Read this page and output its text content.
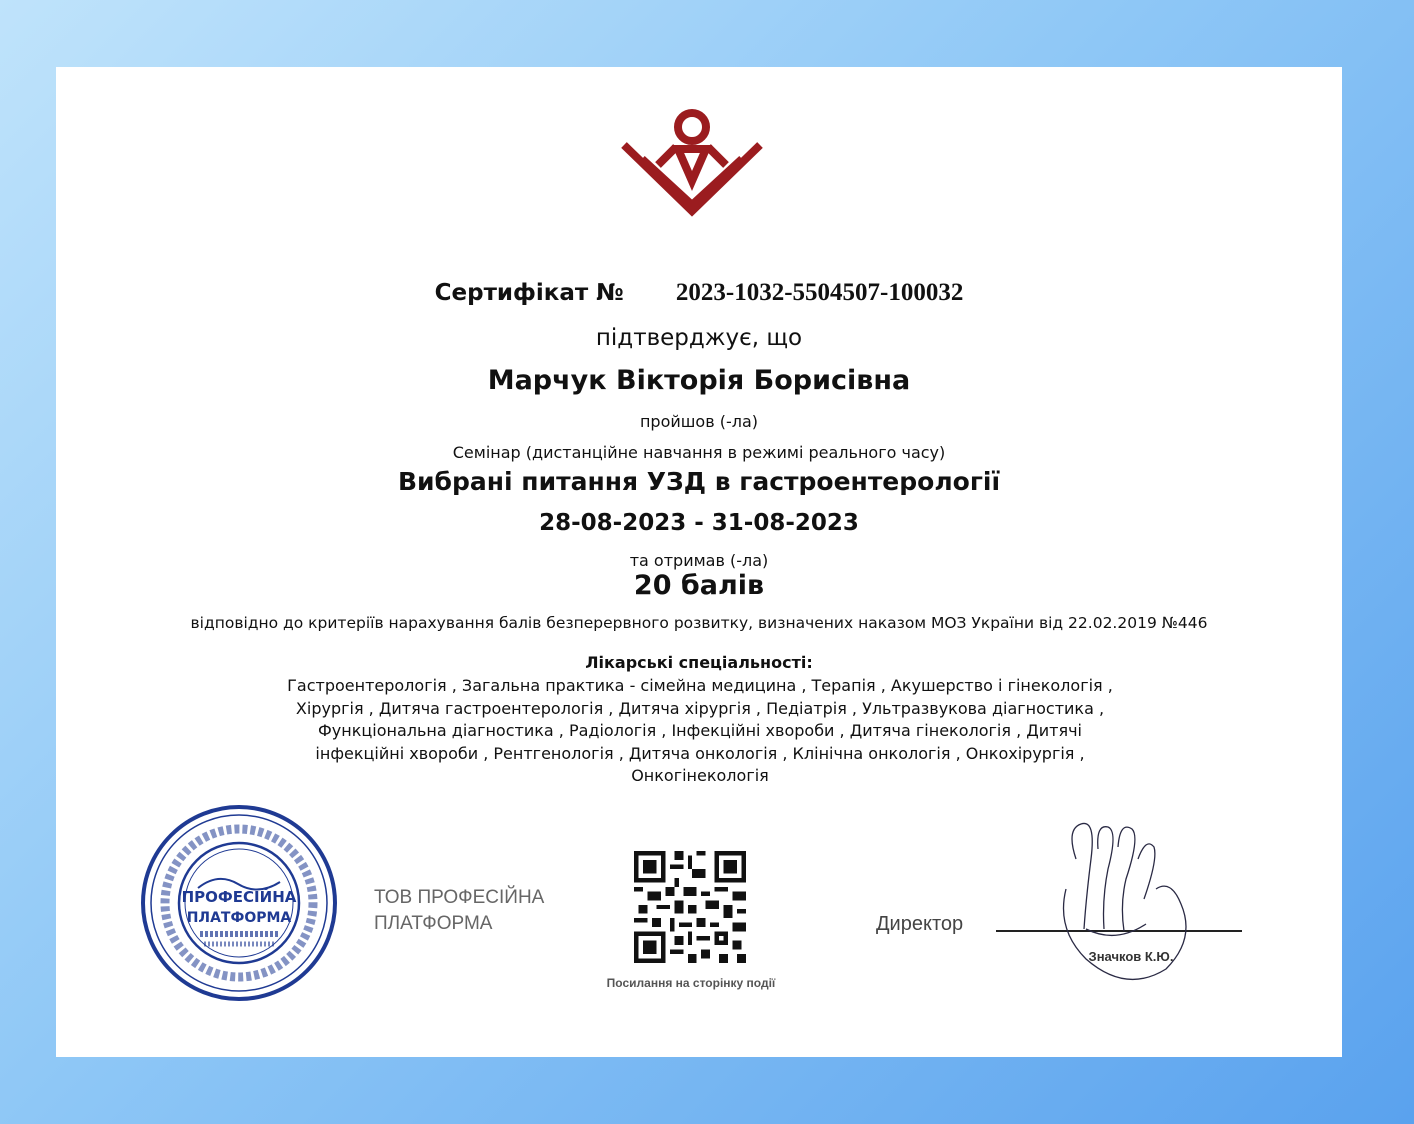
Сертифікат № 2023-1032-5504507-100032
підтверджує, що
Марчук Вікторія Борисівна
пройшов (-ла)
Семінар (дистанційне навчання в режимі реального часу)
Вибрані питання УЗД в гастроентерології
28-08-2023 - 31-08-2023
та отримав (-ла)
20 балів
відповідно до критеріїв нарахування балів безперервного розвитку, визначених наказом МОЗ України від 22.02.2019 №446
Лікарські спеціальності:
Гастроентерологія , Загальна практика - сімейна медицина , Терапія , Акушерство і гінекологія , Хірургія , Дитяча гастроентерологія , Дитяча хірургія , Педіатрія , Ультразвукова діагностика , Функціональна діагностика , Радіологія , Інфекційні хвороби , Дитяча гінекологія , Дитячі інфекційні хвороби , Рентгенологія , Дитяча онкологія , Клінічна онкологія , Онкохірургія , Онкогінекологія
ПРОФЕСІЙНА
ПЛАТФОРМА
ТОВ ПРОФЕСІЙНА
ПЛАТФОРМА
Посилання на сторінку події
Директор
Значков К.Ю.
